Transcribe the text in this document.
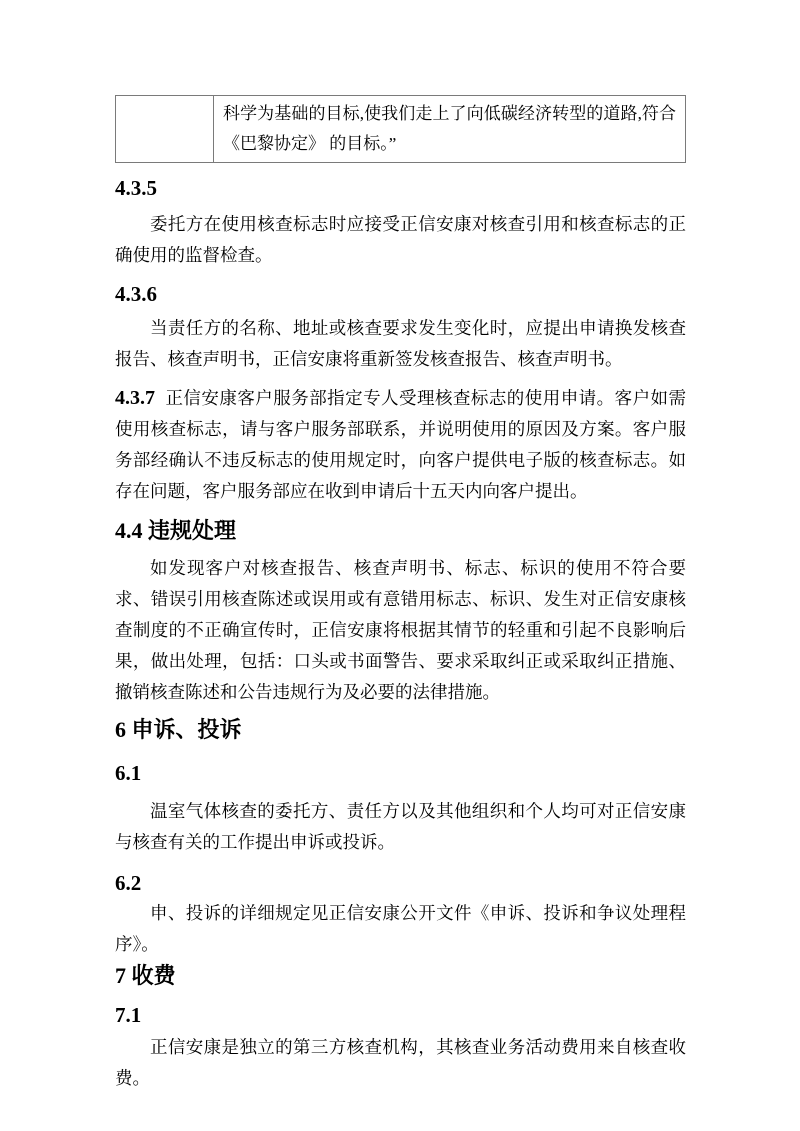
	科学为基础的目标,使我们走上了向低碳经济转型的道路,符合《巴黎协定》 的目标。”
4.3.5

委托方在使用核查标志时应接受正信安康对核查引用和核查标志的正确使用的监督检查。

4.3.6

当责任方的名称、地址或核查要求发生变化时，应提出申请换发核查报告、核查声明书，正信安康将重新签发核查报告、核查声明书。

4.3.7 正信安康客户服务部指定专人受理核查标志的使用申请。客户如需使用核查标志，请与客户服务部联系，并说明使用的原因及方案。客户服务部经确认不违反标志的使用规定时，向客户提供电子版的核查标志。如存在问题，客户服务部应在收到申请后十五天内向客户提出。

4.4 违规处理

如发现客户对核查报告、核查声明书、标志、标识的使用不符合要求、错误引用核查陈述或误用或有意错用标志、标识、发生对正信安康核查制度的不正确宣传时，正信安康将根据其情节的轻重和引起不良影响后果，做出处理，包括：口头或书面警告、要求采取纠正或采取纠正措施、撤销核查陈述和公告违规行为及必要的法律措施。

6 申诉、投诉
6.1

温室气体核查的委托方、责任方以及其他组织和个人均可对正信安康与核查有关的工作提出申诉或投诉。

6.2

申、投诉的详细规定见正信安康公开文件《申诉、投诉和争议处理程序》。

7 收费
7.1

正信安康是独立的第三方核查机构，其核查业务活动费用来自核查收费。
